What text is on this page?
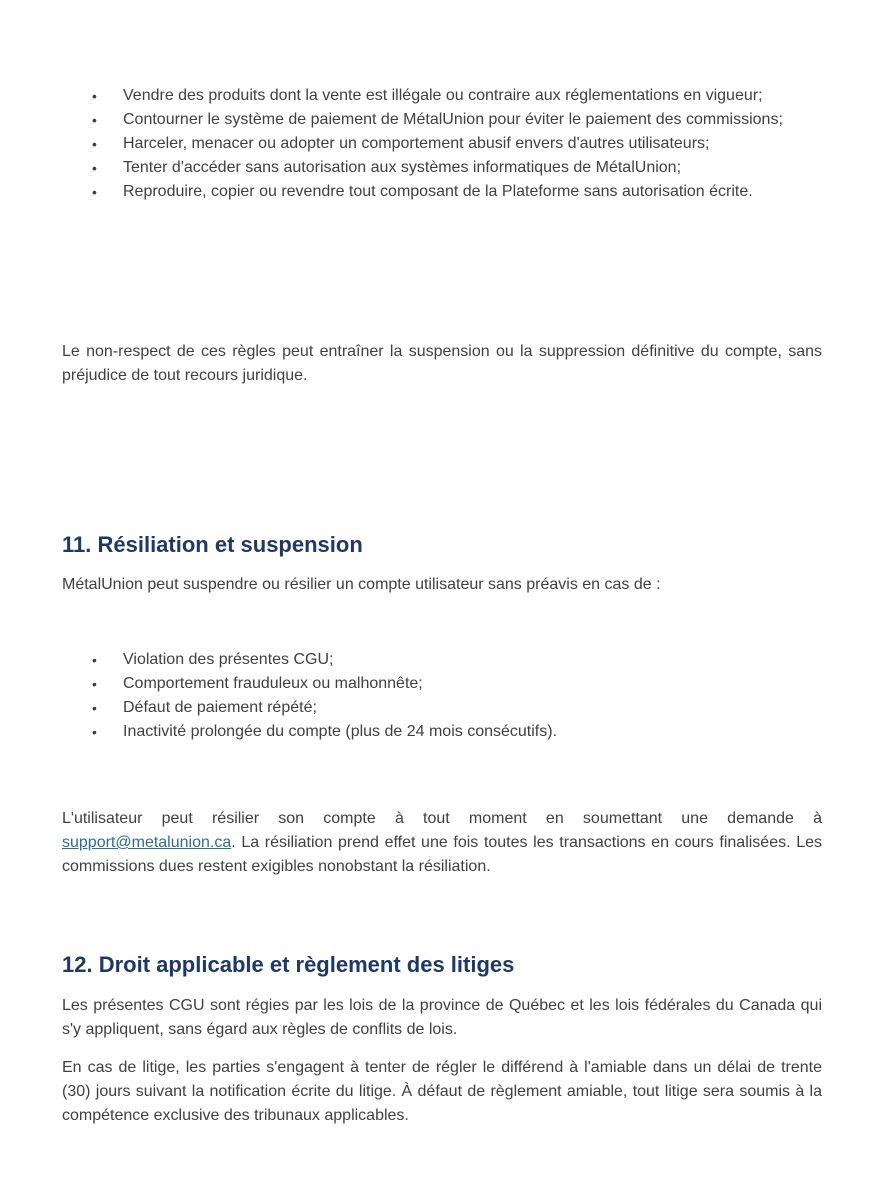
• Vendre des produits dont la vente est illégale ou contraire aux réglementations en vigueur;
• Contourner le système de paiement de MétalUnion pour éviter le paiement des commissions;
• Harceler, menacer ou adopter un comportement abusif envers d'autres utilisateurs;
• Tenter d'accéder sans autorisation aux systèmes informatiques de MétalUnion;
• Reproduire, copier ou revendre tout composant de la Plateforme sans autorisation écrite.

Le non-respect de ces règles peut entraîner la suspension ou la suppression définitive du compte, sans préjudice de tout recours juridique.

11. Résiliation et suspension

MétalUnion peut suspendre ou résilier un compte utilisateur sans préavis en cas de :

• Violation des présentes CGU;
• Comportement frauduleux ou malhonnête;
• Défaut de paiement répété;
• Inactivité prolongée du compte (plus de 24 mois consécutifs).

L'utilisateur peut résilier son compte à tout moment en soumettant une demande à support@metalunion.ca. La résiliation prend effet une fois toutes les transactions en cours finalisées. Les commissions dues restent exigibles nonobstant la résiliation.

12. Droit applicable et règlement des litiges

Les présentes CGU sont régies par les lois de la province de Québec et les lois fédérales du Canada qui s'y appliquent, sans égard aux règles de conflits de lois.

En cas de litige, les parties s'engagent à tenter de régler le différend à l'amiable dans un délai de trente (30) jours suivant la notification écrite du litige. À défaut de règlement amiable, tout litige sera soumis à la compétence exclusive des tribunaux applicables.
